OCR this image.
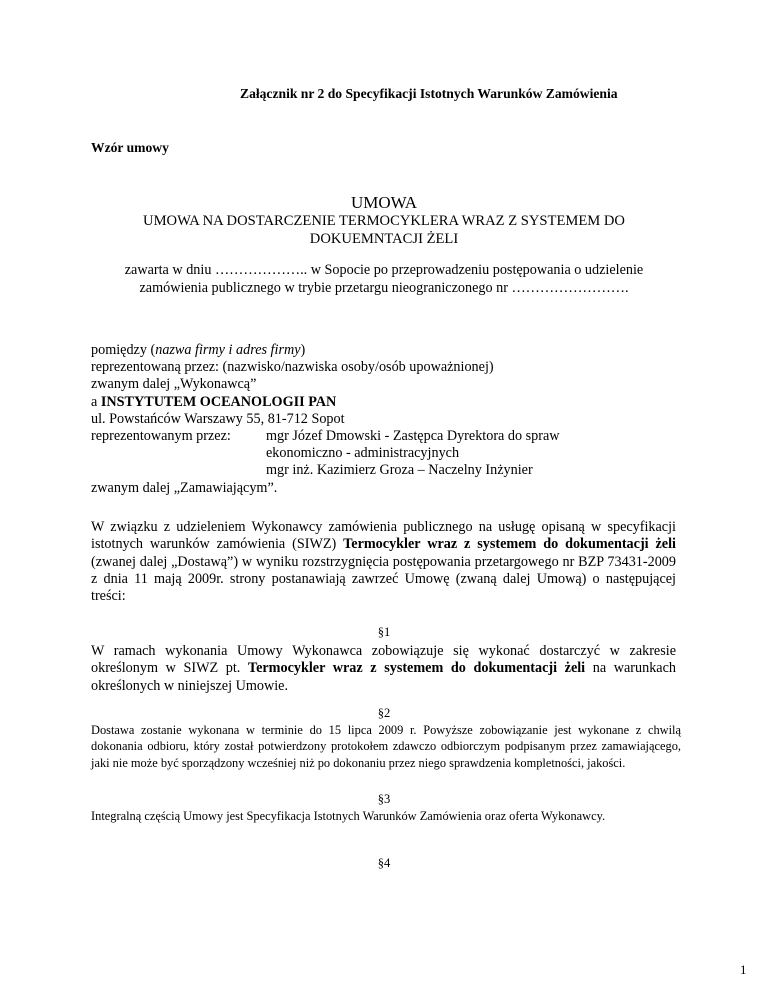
Załącznik nr 2 do Specyfikacji Istotnych Warunków Zamówienia
Wzór umowy
UMOWA
UMOWA NA DOSTARCZENIE TERMOCYKLERA WRAZ Z SYSTEMEM DO
DOKUEMNTACJI ŻELI
zawarta w dniu ……………….. w Sopocie po przeprowadzeniu postępowania o udzielenie
zamówienia publicznego w trybie przetargu nieograniczonego nr …………………….
pomiędzy (nazwa firmy i adres firmy)
reprezentowaną przez: (nazwisko/nazwiska osoby/osób upoważnionej)
zwanym dalej „Wykonawcą”
a INSTYTUTEM OCEANOLOGII PAN
ul. Powstańców Warszawy 55, 81-712 Sopot
reprezentowanym przez: mgr Józef Dmowski - Zastępca Dyrektora do spraw
ekonomiczno - administracyjnych
mgr inż. Kazimierz Groza – Naczelny Inżynier
zwanym dalej „Zamawiającym”.
W związku z udzieleniem Wykonawcy zamówienia publicznego na usługę opisaną w specyfikacji istotnych warunków zamówienia (SIWZ) Termocykler wraz z systemem do dokumentacji żeli (zwanej dalej „Dostawą”) w wyniku rozstrzygnięcia postępowania przetargowego nr BZP 73431-2009 z dnia 11 mają 2009r. strony postanawiają zawrzeć Umowę (zwaną dalej Umową) o następującej treści:
§1
W ramach wykonania Umowy Wykonawca zobowiązuje się wykonać dostarczyć w zakresie określonym w SIWZ pt. Termocykler wraz z systemem do dokumentacji żeli na warunkach określonych w niniejszej Umowie.
§2
Dostawa zostanie wykonana w terminie do 15 lipca 2009 r. Powyższe zobowiązanie jest wykonane z chwilą dokonania odbioru, który został potwierdzony protokołem zdawczo odbiorczym podpisanym przez zamawiającego, jaki nie może być sporządzony wcześniej niż po dokonaniu przez niego sprawdzenia kompletności, jakości.
§3
Integralną częścią Umowy jest Specyfikacja Istotnych Warunków Zamówienia oraz oferta Wykonawcy.
§4
1
